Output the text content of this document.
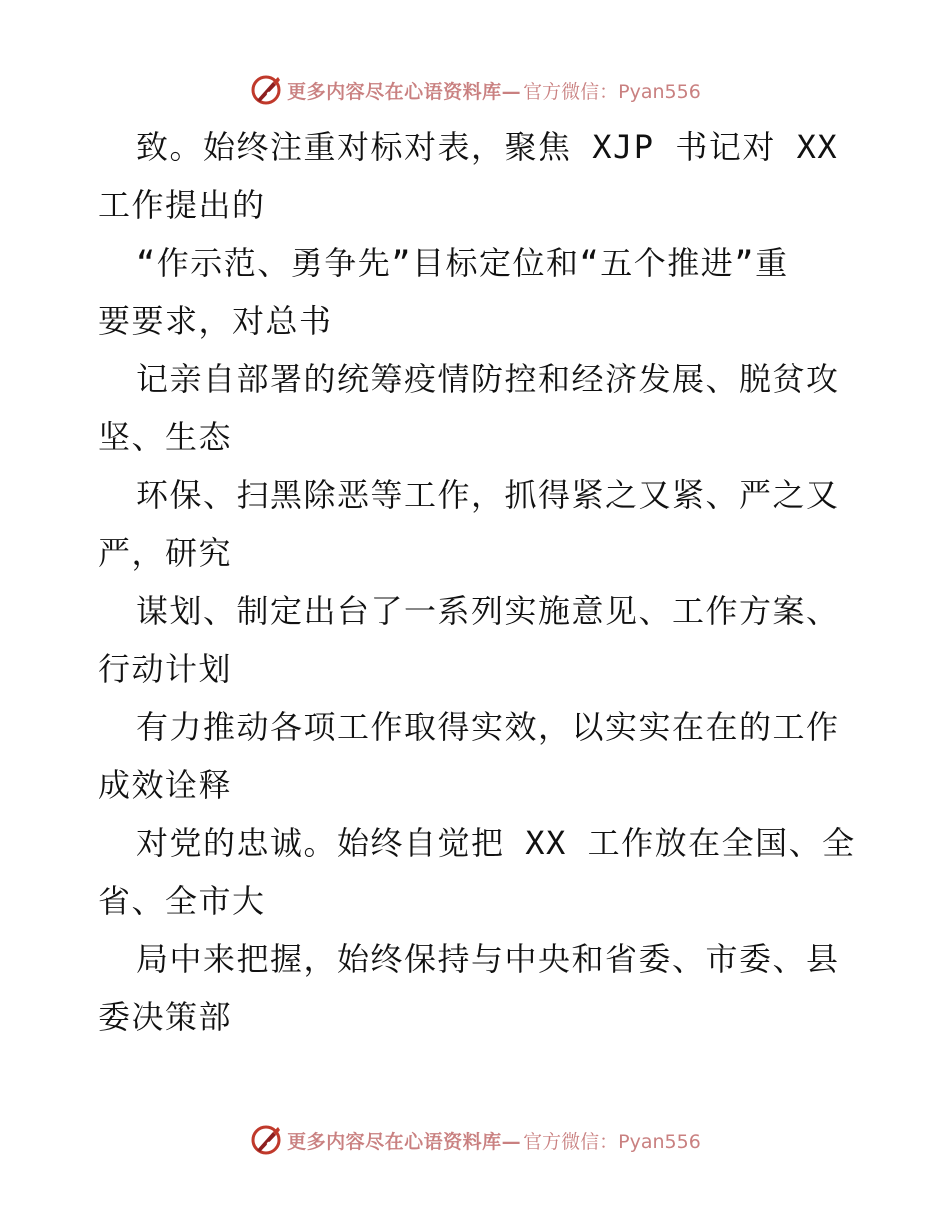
更多内容尽在心语资料库— 官方微信：Pyan556
致。始终注重对标对表，聚焦 XJP 书记对 XX
工作提出的
“作示范、勇争先”目标定位和“五个推进”重
要要求，对总书
记亲自部署的统筹疫情防控和经济发展、脱贫攻
坚、生态
环保、扫黑除恶等工作，抓得紧之又紧、严之又
严，研究
谋划、制定出台了一系列实施意见、工作方案、
行动计划
有力推动各项工作取得实效，以实实在在的工作
成效诠释
对党的忠诚。始终自觉把 XX 工作放在全国、全
省、全市大
局中来把握，始终保持与中央和省委、市委、县
委决策部
更多内容尽在心语资料库— 官方微信：Pyan556
